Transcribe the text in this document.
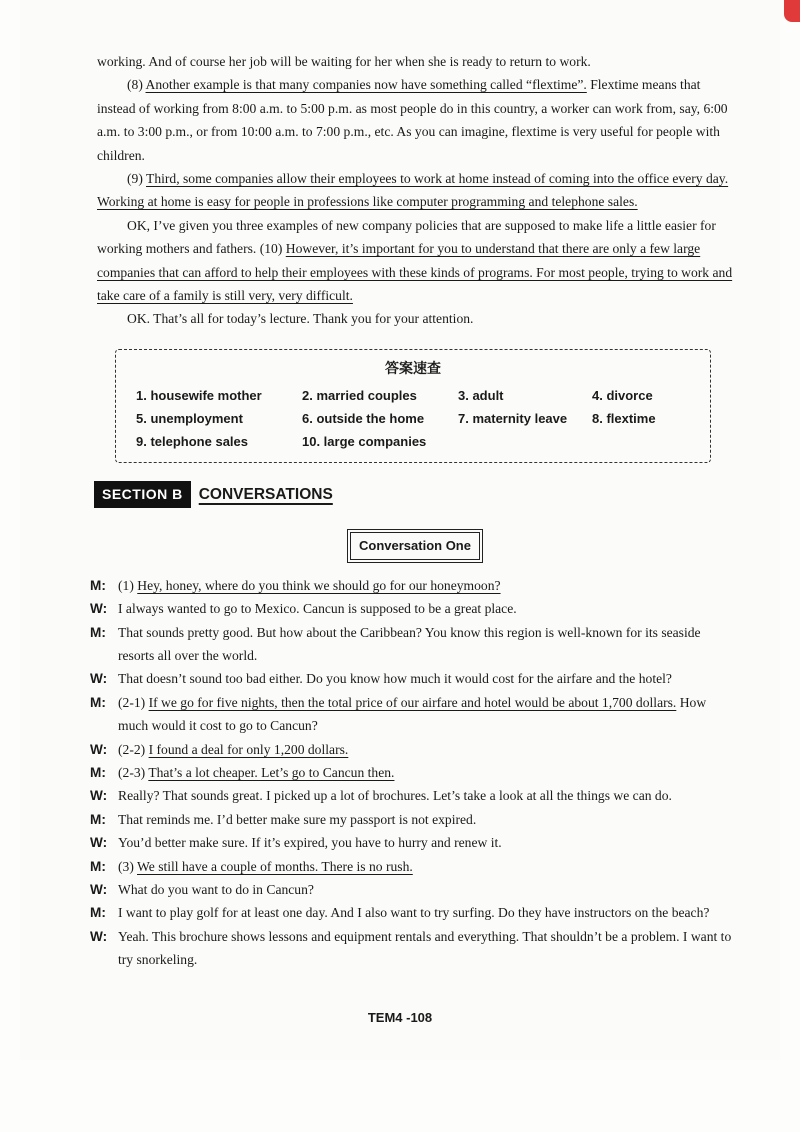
working. And of course her job will be waiting for her when she is ready to return to work.

(8) Another example is that many companies now have something called “flextime”. Flextime means that instead of working from 8:00 a.m. to 5:00 p.m. as most people do in this country, a worker can work from, say, 6:00 a.m. to 3:00 p.m., or from 10:00 a.m. to 7:00 p.m., etc. As you can imagine, flextime is very useful for people with children.

(9) Third, some companies allow their employees to work at home instead of coming into the office every day. Working at home is easy for people in professions like computer programming and telephone sales.

OK, I’ve given you three examples of new company policies that are supposed to make life a little easier for working mothers and fathers. (10) However, it’s important for you to understand that there are only a few large companies that can afford to help their employees with these kinds of programs. For most people, trying to work and take care of a family is still very, very difficult.

OK. That’s all for today’s lecture. Thank you for your attention.

答案速查
1. housewife mother	2. married couples	3. adult	4. divorce
5. unemployment	6. outside the home	7. maternity leave 8. flextime
9. telephone sales	10. large companies
SECTION B	CONVERSATIONS
Conversation One
M: (1) Hey, honey, where do you think we should go for our honeymoon?
W: I always wanted to go to Mexico. Cancun is supposed to be a great place.
M: That sounds pretty good. But how about the Caribbean? You know this region is well-known for its seaside resorts all over the world.
W: That doesn’t sound too bad either. Do you know how much it would cost for the airfare and the hotel?
M: (2-1) If we go for five nights, then the total price of our airfare and hotel would be about 1,700 dollars. How much would it cost to go to Cancun?
W: (2-2) I found a deal for only 1,200 dollars.
M: (2-3) That’s a lot cheaper. Let’s go to Cancun then.
W: Really? That sounds great. I picked up a lot of brochures. Let’s take a look at all the things we can do.
M: That reminds me. I’d better make sure my passport is not expired.
W: You’d better make sure. If it’s expired, you have to hurry and renew it.
M: (3) We still have a couple of months. There is no rush.
W: What do you want to do in Cancun?
M: I want to play golf for at least one day. And I also want to try surfing. Do they have instructors on the beach?
W: Yeah. This brochure shows lessons and equipment rentals and everything. That shouldn’t be a problem. I want to try snorkeling.
TEM4 -108
